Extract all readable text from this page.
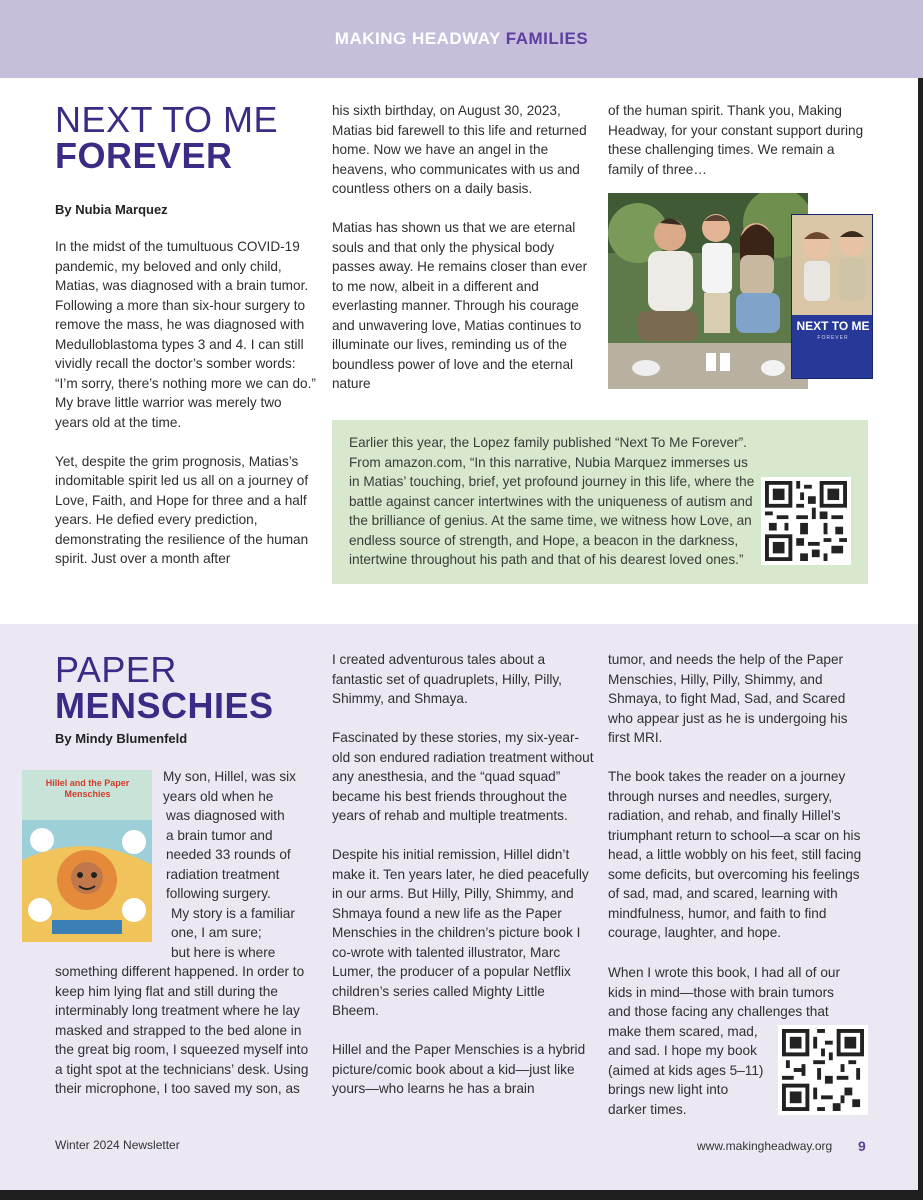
MAKING HEADWAY FAMILIES
NEXT TO ME
FOREVER
By Nubia Marquez

In the midst of the tumultuous COVID-19 pandemic, my beloved and only child, Matias, was diagnosed with a brain tumor. Following a more than six-hour surgery to remove the mass, he was diagnosed with Medulloblastoma types 3 and 4. I can still vividly recall the doctor’s somber words: “I’m sorry, there’s nothing more we can do.” My brave little warrior was merely two years old at the time.

Yet, despite the grim prognosis, Matias’s indomitable spirit led us all on a journey of Love, Faith, and Hope for three and a half years. He defied every prediction, demonstrating the resilience of the human spirit. Just over a month after

his sixth birthday, on August 30, 2023, Matias bid farewell to this life and returned home. Now we have an angel in the heavens, who communicates with us and countless others on a daily basis.

Matias has shown us that we are eternal souls and that only the physical body passes away. He remains closer than ever to me now, albeit in a different and everlasting manner. Through his courage and unwavering love, Matias continues to illuminate our lives, reminding us of the boundless power of love and the eternal nature

of the human spirit. Thank you, Making Headway, for your constant support during these challenging times. We remain a family of three…

NEXT TO ME
FOREVER
Earlier this year, the Lopez family published “Next To Me Forever”. From amazon.com, “In this narrative, Nubia Marquez immerses us in Matias’ touching, brief, yet profound journey in this life, where the battle against cancer intertwines with the uniqueness of autism and the brilliance of genius. At the same time, we witness how Love, an endless source of strength, and Hope, a beacon in the darkness, intertwine throughout his path and that of his dearest loved ones.”
PAPER
MENSCHIES
By Mindy Blumenfeld
Hillel and the Paper Menschies
My son, Hillel, was six
years old when he
was diagnosed with
a brain tumor and
needed 33 rounds of
radiation treatment
following surgery.
My story is a familiar
one, I am sure;
but here is where
something different happened. In order to keep him lying flat and still during the interminably long treatment where he lay masked and strapped to the bed alone in the great big room, I squeezed myself into a tight spot at the technicians’ desk. Using their microphone, I too saved my son, as

I created adventurous tales about a fantastic set of quadruplets, Hilly, Pilly, Shimmy, and Shmaya.

Fascinated by these stories, my six-year-old son endured radiation treatment without any anesthesia, and the “quad squad” became his best friends throughout the years of rehab and multiple treatments.

Despite his initial remission, Hillel didn’t make it. Ten years later, he died peacefully in our arms. But Hilly, Pilly, Shimmy, and Shmaya found a new life as the Paper Menschies in the children’s picture book I co-wrote with talented illustrator, Marc Lumer, the producer of a popular Netflix children’s series called Mighty Little Bheem.

Hillel and the Paper Menschies is a hybrid picture/comic book about a kid—just like yours—who learns he has a brain

tumor, and needs the help of the Paper Menschies, Hilly, Pilly, Shimmy, and Shmaya, to fight Mad, Sad, and Scared who appear just as he is undergoing his first MRI.

The book takes the reader on a journey through nurses and needles, surgery, radiation, and rehab, and finally Hillel’s triumphant return to school—a scar on his head, a little wobbly on his feet, still facing some deficits, but overcoming his feelings of sad, mad, and scared, learning with mindfulness, humor, and faith to find courage, laughter, and hope.

When I wrote this book, I had all of our
kids in mind—those with brain tumors
and those facing any challenges that
make them scared, mad,
and sad. I hope my book
(aimed at kids ages 5–11)
brings new light into
darker times.
Winter 2024 Newsletter	www.makingheadway.org 9
